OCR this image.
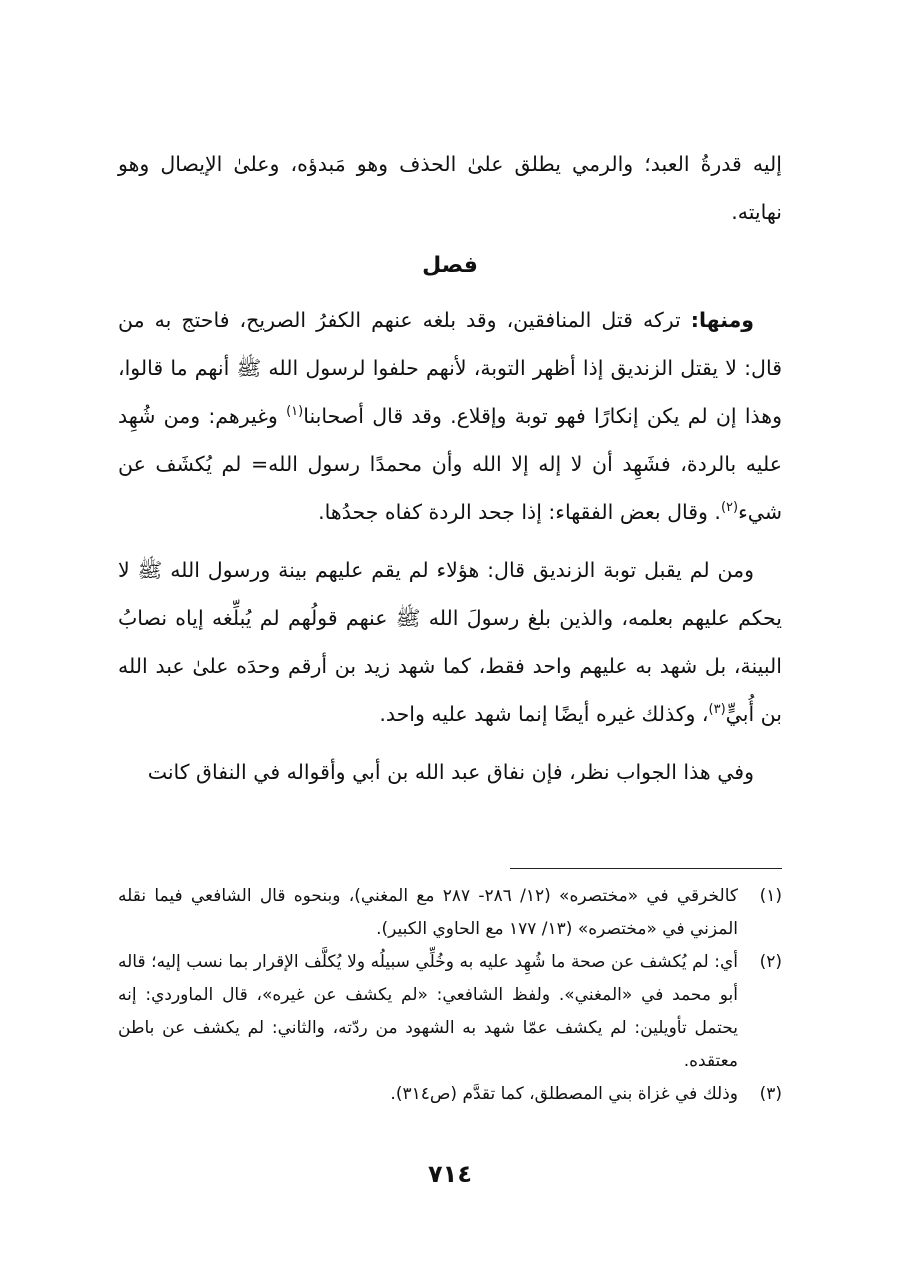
إليه قدرةُ العبد؛ والرمي يطلق علىٰ الحذف وهو مَبدؤه، وعلىٰ الإيصال وهو نهايته.

فصل

ومنها: تركه قتل المنافقين، وقد بلغه عنهم الكفرُ الصريح، فاحتج به من قال: لا يقتل الزنديق إذا أظهر التوبة، لأنهم حلفوا لرسول الله ﷺ أنهم ما قالوا، وهذا إن لم يكن إنكارًا فهو توبة وإقلاع. وقد قال أصحابنا$^{(١)}$ وغيرهم: ومن شُهِد عليه بالردة، فشَهِد أن لا إله إلا الله وأن محمدًا رسول الله= لم يُكشَف عن شيء$^{(٢)}$. وقال بعض الفقهاء: إذا جحد الردة كفاه جحدُها.

ومن لم يقبل توبة الزنديق قال: هؤلاء لم يقم عليهم بينة ورسول الله ﷺ لا يحكم عليهم بعلمه، والذين بلغ رسولَ الله ﷺ عنهم قولُهم لم يُبلِّغه إياه نصابُ البينة، بل شهد به عليهم واحد فقط، كما شهد زيد بن أرقم وحدَه علىٰ عبد الله بن أُبيٍّ$^{(٣)}$، وكذلك غيره أيضًا إنما شهد عليه واحد.

وفي هذا الجواب نظر، فإن نفاق عبد الله بن أبي وأقواله في النفاق كانت

(١)
كالخرقي في «مختصره» (١٢/ ٢٨٦- ٢٨٧ مع المغني)، وبنحوه قال الشافعي فيما نقله المزني في «مختصره» (١٣/ ١٧٧ مع الحاوي الكبير).
(٢)
أي: لم يُكشف عن صحة ما شُهِد عليه به وخُلِّي سبيلُه ولا يُكلَّف الإقرار بما نسب إليه؛ قاله أبو محمد في «المغني». ولفظ الشافعي: «لم يكشف عن غيره»، قال الماوردي: إنه يحتمل تأويلين: لم يكشف عمّا شهد به الشهود من ردّته، والثاني: لم يكشف عن باطن معتقده.
(٣)
وذلك في غزاة بني المصطلق، كما تقدَّم (ص٣١٤).
٧١٤
